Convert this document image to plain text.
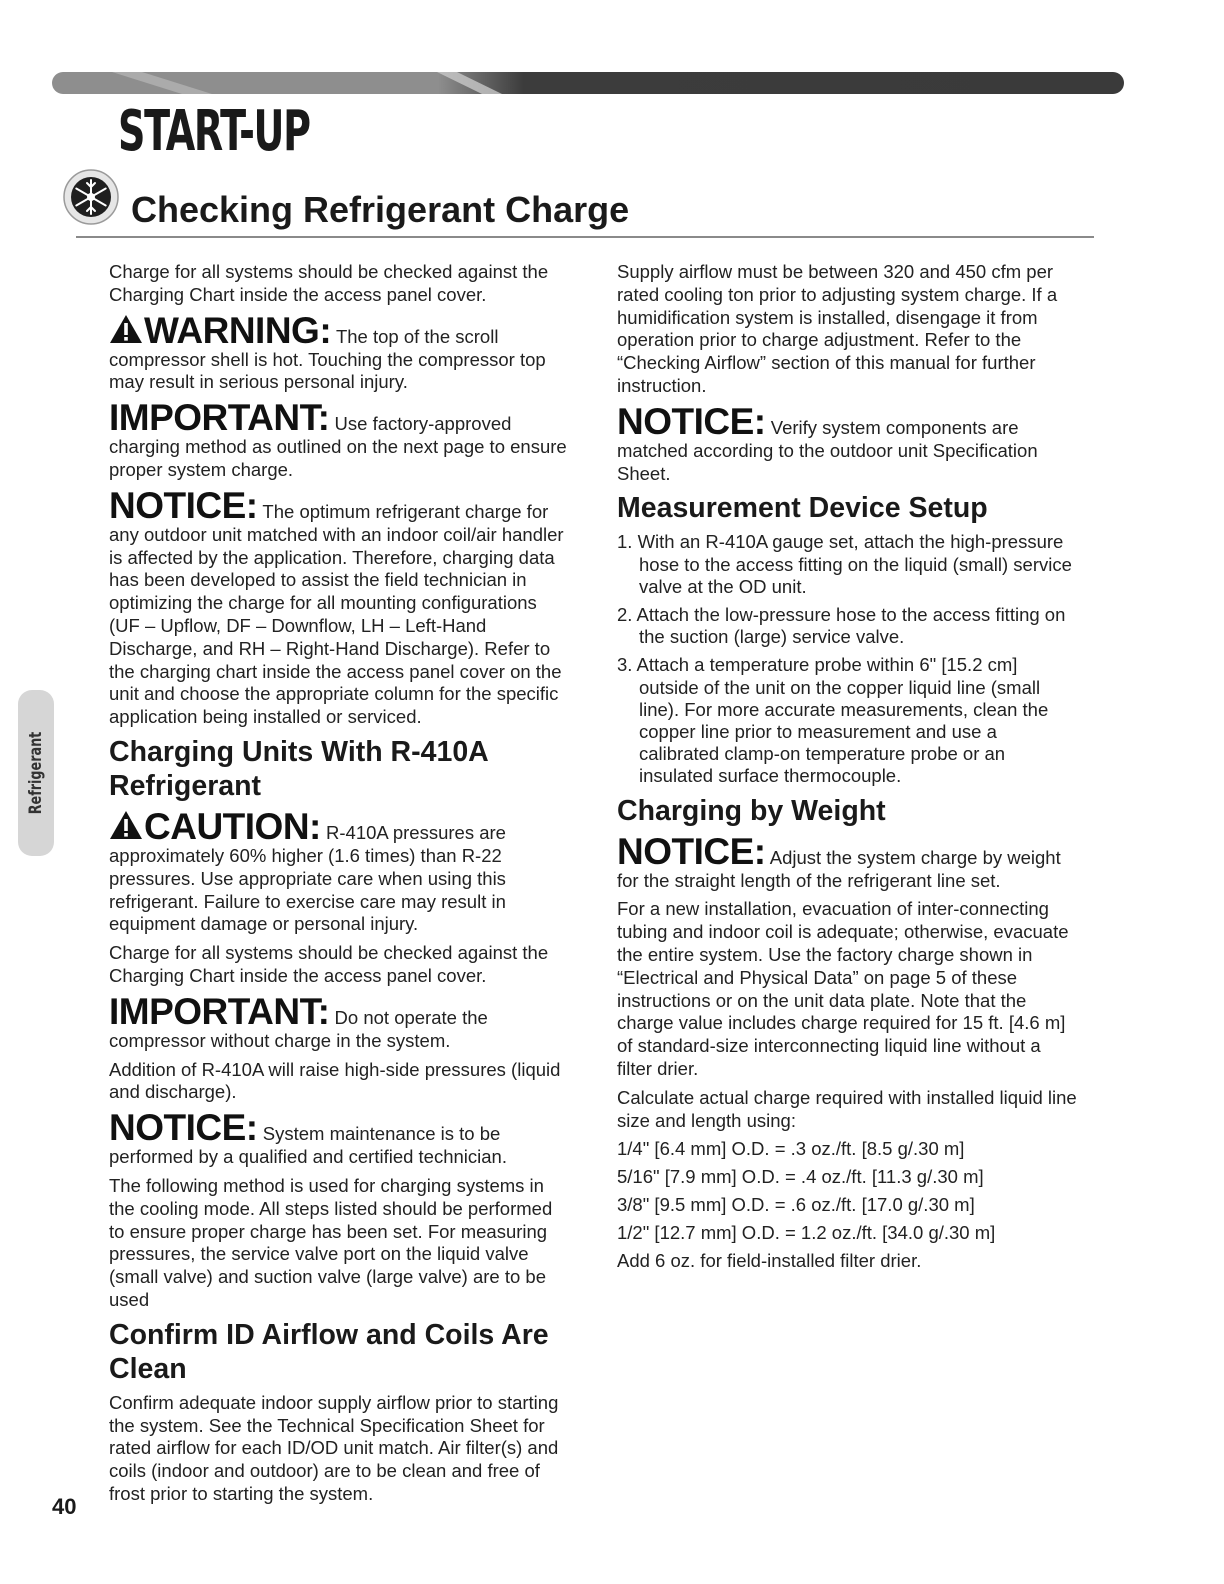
START-UP
Checking Refrigerant Charge
Refrigerant
40

Charge for all systems should be checked against the Charging Chart inside the access panel cover.

WARNING: The top of the scroll compressor shell is hot. Touching the compressor top may result in serious personal injury.

IMPORTANT: Use factory-approved charging method as outlined on the next page to ensure proper system charge.

NOTICE: The optimum refrigerant charge for any outdoor unit matched with an indoor coil/air handler is affected by the application. Therefore, charging data has been developed to assist the field technician in optimizing the charge for all mounting configurations (UF – Upflow, DF – Downflow, LH – Left-Hand Discharge, and RH – Right-Hand Discharge). Refer to the charging chart inside the access panel cover on the unit and choose the appropriate column for the specific application being installed or serviced.

Charging Units With R-410A Refrigerant

CAUTION: R-410A pressures are approximately 60% higher (1.6 times) than R-22 pressures. Use appropriate care when using this refrigerant. Failure to exercise care may result in equipment damage or personal injury.

Charge for all systems should be checked against the Charging Chart inside the access panel cover.

IMPORTANT: Do not operate the compressor without charge in the system.

Addition of R-410A will raise high-side pressures (liquid and discharge).

NOTICE: System maintenance is to be performed by a qualified and certified technician.

The following method is used for charging systems in the cooling mode. All steps listed should be performed to ensure proper charge has been set. For measuring pressures, the service valve port on the liquid valve (small valve) and suction valve (large valve) are to be used

Confirm ID Airflow and Coils Are Clean

Confirm adequate indoor supply airflow prior to starting the system. See the Technical Specification Sheet for rated airflow for each ID/OD unit match. Air filter(s) and coils (indoor and outdoor) are to be clean and free of frost prior to starting the system.

Supply airflow must be between 320 and 450 cfm per rated cooling ton prior to adjusting system charge. If a humidification system is installed, disengage it from operation prior to charge adjustment. Refer to the “Checking Airflow” section of this manual for further instruction.

NOTICE: Verify system components are matched according to the outdoor unit Specification Sheet.

Measurement Device Setup
1. With an R-410A gauge set, attach the high-pressure hose to the access fitting on the liquid (small) service valve at the OD unit.
2. Attach the low-pressure hose to the access fitting on the suction (large) service valve.
3. Attach a temperature probe within 6" [15.2 cm] outside of the unit on the copper liquid line (small line). For more accurate measurements, clean the copper line prior to measurement and use a calibrated clamp-on temperature probe or an insulated surface thermocouple.
Charging by Weight

NOTICE: Adjust the system charge by weight for the straight length of the refrigerant line set.

For a new installation, evacuation of inter-connecting tubing and indoor coil is adequate; otherwise, evacuate the entire system. Use the factory charge shown in “Electrical and Physical Data” on page 5 of these instructions or on the unit data plate. Note that the charge value includes charge required for 15 ft. [4.6 m] of standard-size interconnecting liquid line without a filter drier.

Calculate actual charge required with installed liquid line size and length using:

1/4" [6.4 mm] O.D. = .3 oz./ft. [8.5 g/.30 m]

5/16" [7.9 mm] O.D. = .4 oz./ft. [11.3 g/.30 m]

3/8" [9.5 mm] O.D. = .6 oz./ft. [17.0 g/.30 m]

1/2" [12.7 mm] O.D. = 1.2 oz./ft. [34.0 g/.30 m]

Add 6 oz. for field-installed filter drier.
